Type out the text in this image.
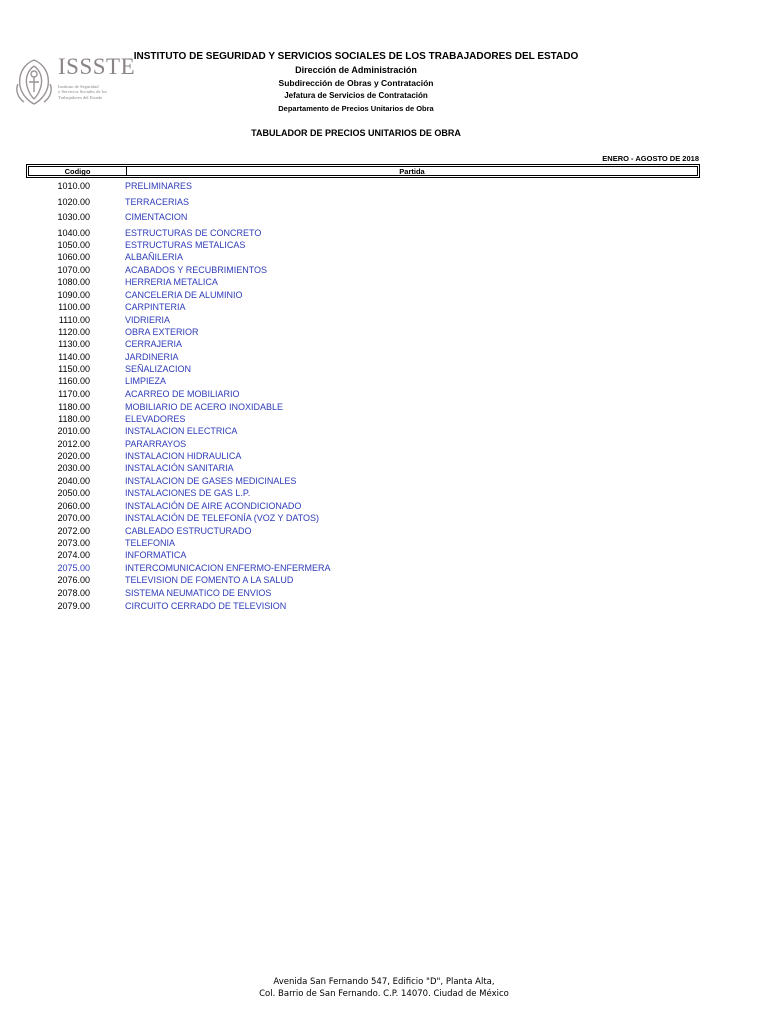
ISSSTE
Instituto de Seguridad
y Servicios Sociales de los
Trabajadores del Estado
INSTITUTO DE SEGURIDAD Y SERVICIOS SOCIALES DE LOS TRABAJADORES DEL ESTADO
Dirección de Administración
Subdirección de Obras y Contratación
Jefatura de Servicios de Contratación
Departamento de Precios Unitarios de Obra
TABULADOR DE PRECIOS UNITARIOS DE OBRA
ENERO - AGOSTO DE 2018
Codigo	Partida
1010.00	PRELIMINARES
1020.00	TERRACERIAS
1030.00	CIMENTACION
1040.00	ESTRUCTURAS DE CONCRETO
1050.00	ESTRUCTURAS METALICAS
1060.00	ALBAÑILERIA
1070.00	ACABADOS Y RECUBRIMIENTOS
1080.00	HERRERIA METALICA
1090.00	CANCELERIA DE ALUMINIO
1100.00	CARPINTERIA
1110.00	VIDRIERIA
1120.00	OBRA EXTERIOR
1130.00	CERRAJERIA
1140.00	JARDINERIA
1150.00	SEÑALIZACION
1160.00	LIMPIEZA
1170.00	ACARREO DE MOBILIARIO
1180.00	MOBILIARIO DE ACERO INOXIDABLE
1180.00	ELEVADORES
2010.00	INSTALACION ELECTRICA
2012.00	PARARRAYOS
2020.00	INSTALACION HIDRAULICA
2030.00	INSTALACIÓN SANITARIA
2040.00	INSTALACION DE GASES MEDICINALES
2050.00	INSTALACIONES DE GAS L.P.
2060.00	INSTALACIÓN DE AIRE ACONDICIONADO
2070.00	INSTALACIÓN DE TELEFONÍA (VOZ Y DATOS)
2072.00	CABLEADO ESTRUCTURADO
2073.00	TELEFONIA
2074.00	INFORMATICA
2075.00	INTERCOMUNICACION ENFERMO-ENFERMERA
2076.00	TELEVISION DE FOMENTO A LA SALUD
2078.00	SISTEMA NEUMATICO DE ENVIOS
2079.00	CIRCUITO CERRADO DE TELEVISION
Avenida San Fernando 547, Edificio "D", Planta Alta,
Col. Barrio de San Fernando, C.P. 14070, Ciudad de México
